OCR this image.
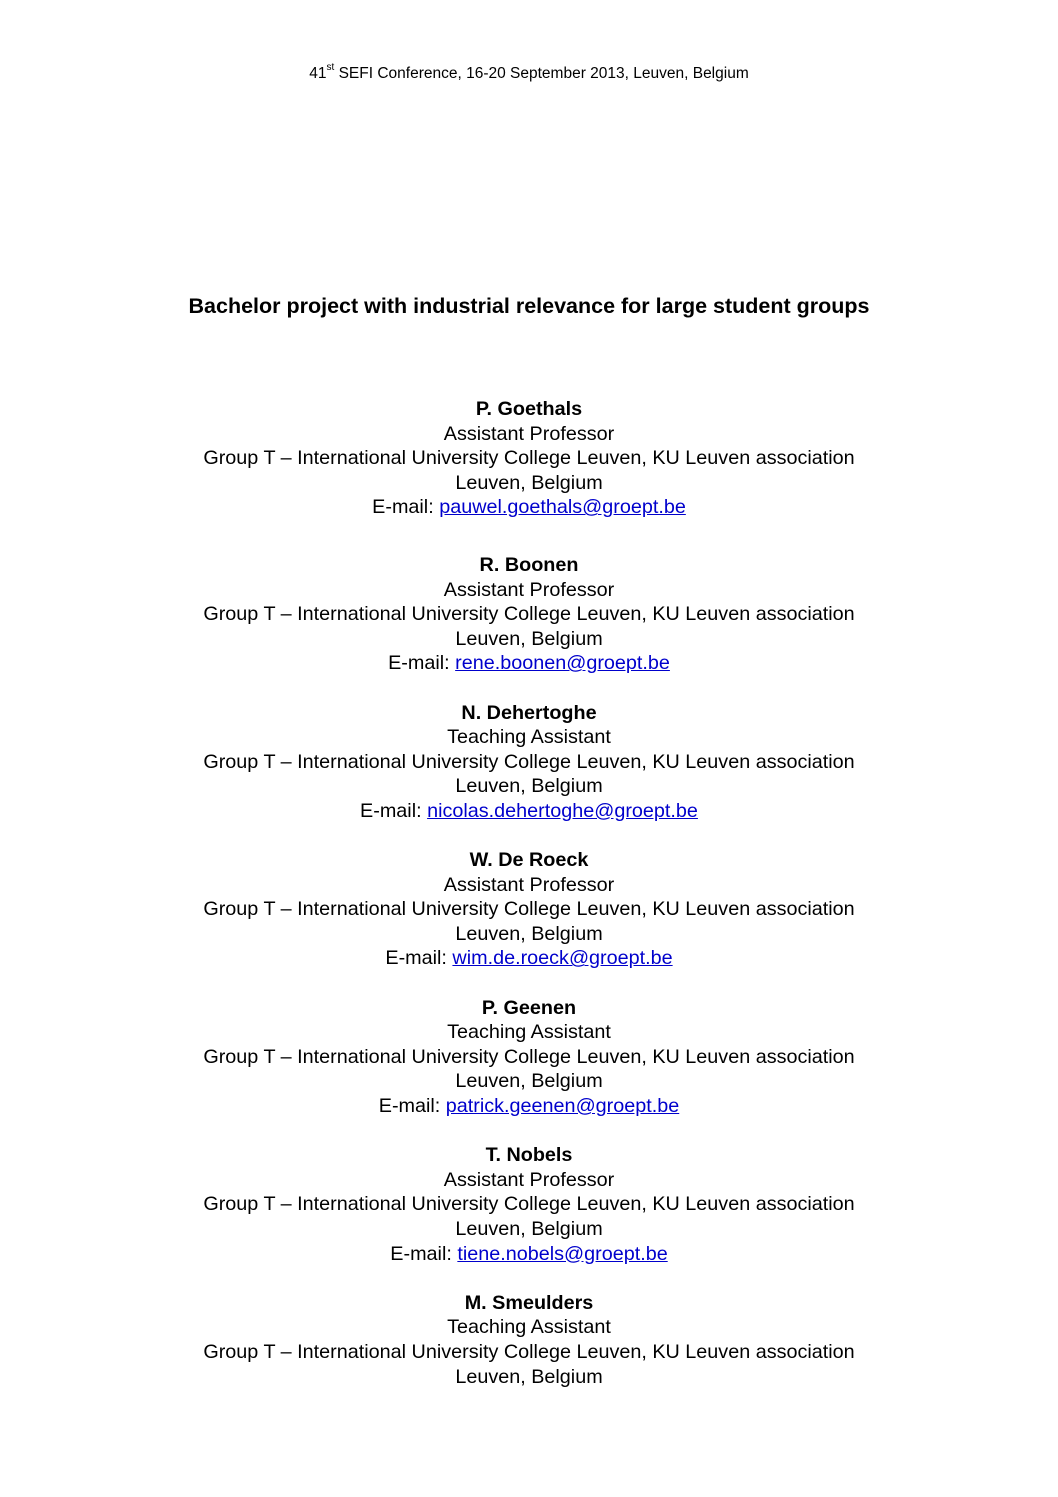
41st SEFI Conference, 16-20 September 2013, Leuven, Belgium
Bachelor project with industrial relevance for large student groups
P. Goethals
Assistant Professor
Group T – International University College Leuven, KU Leuven association
Leuven, Belgium
E-mail: pauwel.goethals@groept.be
R. Boonen
Assistant Professor
Group T – International University College Leuven, KU Leuven association
Leuven, Belgium
E-mail: rene.boonen@groept.be
N. Dehertoghe
Teaching Assistant
Group T – International University College Leuven, KU Leuven association
Leuven, Belgium
E-mail: nicolas.dehertoghe@groept.be
W. De Roeck
Assistant Professor
Group T – International University College Leuven, KU Leuven association
Leuven, Belgium
E-mail: wim.de.roeck@groept.be
P. Geenen
Teaching Assistant
Group T – International University College Leuven, KU Leuven association
Leuven, Belgium
E-mail: patrick.geenen@groept.be
T. Nobels
Assistant Professor
Group T – International University College Leuven, KU Leuven association
Leuven, Belgium
E-mail: tiene.nobels@groept.be
M. Smeulders
Teaching Assistant
Group T – International University College Leuven, KU Leuven association
Leuven, Belgium
